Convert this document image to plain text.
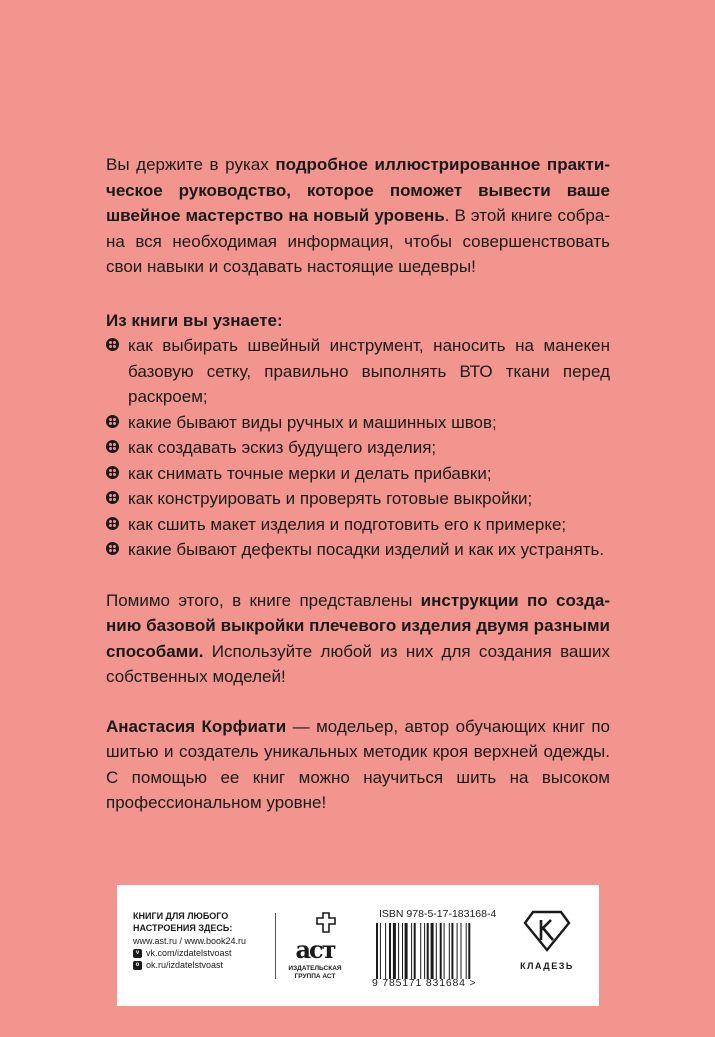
Вы держите в руках подробное иллюстрированное практическое руководство, которое поможет вывести ваше швейное мастерство на новый уровень. В этой книге собрана вся необходимая информация, чтобы совершенствовать свои навыки и создавать настоящие шедевры!

Из книги вы узнаете:
как выбирать швейный инструмент, наносить на манекен базовую сетку, правильно выполнять ВТО ткани перед раскроем;
какие бывают виды ручных и машинных швов;
как создавать эскиз будущего изделия;
как снимать точные мерки и делать прибавки;
как конструировать и проверять готовые выкройки;
как сшить макет изделия и подготовить его к примерке;
какие бывают дефекты посадки изделий и как их устранять.

Помимо этого, в книге представлены инструкции по созданию базовой выкройки плечевого изделия двумя разными способами. Используйте любой из них для создания ваших собственных моделей!

Анастасия Корфиати — модельер, автор обучающих книг по шитью и создатель уникальных методик кроя верхней одежды. С помощью ее книг можно научиться шить на высоком профессиональном уровне!

КНИГИ ДЛЯ ЛЮБОГО
НАСТРОЕНИЯ ЗДЕСЬ:
www.ast.ru / www.book24.ru
v vk.com/izdatelstvoast
o ok.ru/izdatelstvoast
аст
ИЗДАТЕЛЬСКАЯ
ГРУППА АСТ
ISBN 978-5-17-183168-4
9 785171 831684 >
КЛАДЕЗЬ
